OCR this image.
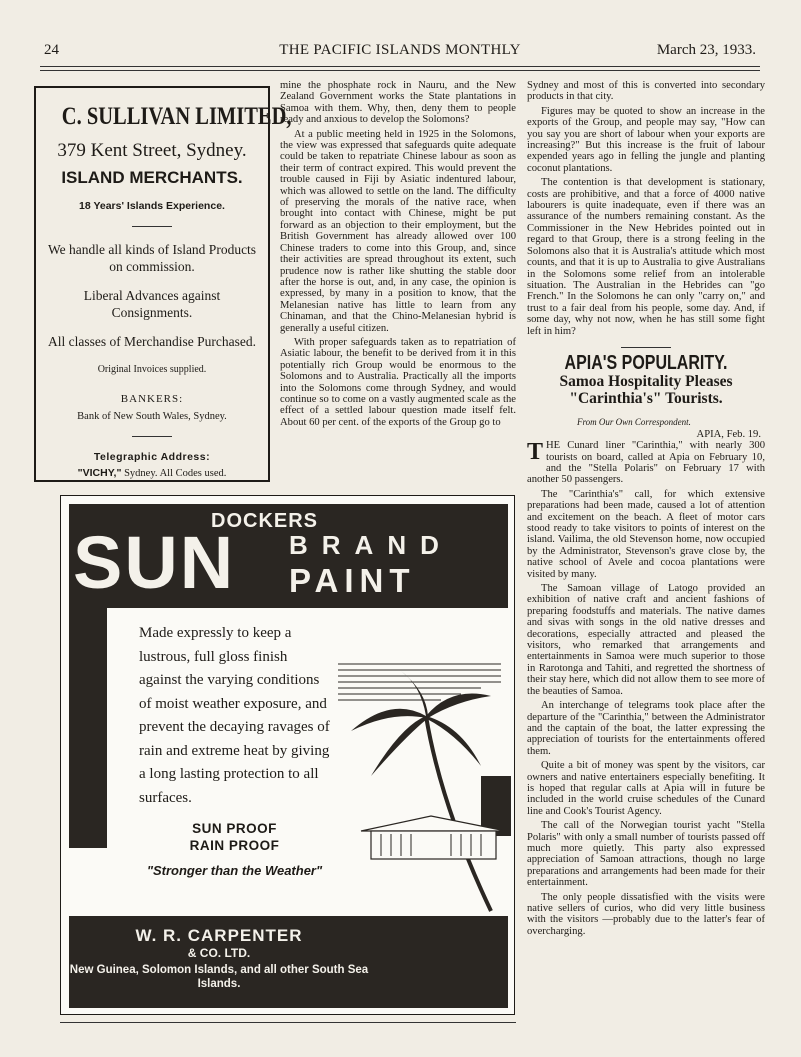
24	THE PACIFIC ISLANDS MONTHLY	March 23, 1933.
C. SULLIVAN LIMITED,
379 Kent Street, Sydney.
ISLAND MERCHANTS.
18 Years' Islands Experience.
We handle all kinds of Island Products on commission.
Liberal Advances against Consignments.
All classes of Merchandise Purchased.
Original Invoices supplied.
BANKERS:
Bank of New South Wales, Sydney.
Telegraphic Address:
"VICHY," Sydney. All Codes used.

mine the phosphate rock in Nauru, and the New Zealand Government works the State plantations in Samoa with them. Why, then, deny them to people ready and anxious to develop the Solomons?

At a public meeting held in 1925 in the Solomons, the view was expressed that safeguards quite adequate could be taken to repatriate Chinese labour as soon as their term of contract expired. This would prevent the trouble caused in Fiji by Asiatic indentured labour, which was allowed to settle on the land. The difficulty of preserving the morals of the native race, when brought into contact with Chinese, might be put forward as an objection to their employment, but the British Government has already allowed over 100 Chinese traders to come into this Group, and, since their activities are spread throughout its extent, such prudence now is rather like shutting the stable door after the horse is out, and, in any case, the opinion is expressed, by many in a position to know, that the Melanesian native has little to learn from any Chinaman, and that the Chino-Melanesian hybrid is generally a useful citizen.

With proper safeguards taken as to repatriation of Asiatic labour, the benefit to be derived from it in this potentially rich Group would be enormous to the Solomons and to Australia. Practically all the imports into the Solomons come through Sydney, and would continue so to come on a vastly augmented scale as the effect of a settled labour question made itself felt. About 60 per cent. of the exports of the Group go to

Sydney and most of this is converted into secondary products in that city.

Figures may be quoted to show an increase in the exports of the Group, and people may say, "How can you say you are short of labour when your exports are increasing?" But this increase is the fruit of labour expended years ago in felling the jungle and planting coconut plantations.

The contention is that development is stationary, costs are prohibitive, and that a force of 4000 native labourers is quite inadequate, even if there was an assurance of the numbers remaining constant. As the Commissioner in the New Hebrides pointed out in regard to that Group, there is a strong feeling in the Solomons also that it is Australia's attitude which most counts, and that it is up to Australia to give Australians in the Solomons some relief from an intolerable situation. The Australian in the Hebrides can "go French." In the Solomons he can only "carry on," and trust to a fair deal from his people, some day. And, if some day, why not now, when he has still some fight left in him?

APIA'S POPULARITY.
Samoa Hospitality Pleases "Carinthia's" Tourists.
From Our Own Correspondent.
APIA, Feb. 19.

THE Cunard liner "Carinthia," with nearly 300 tourists on board, called at Apia on February 10, and the "Stella Polaris" on February 17 with another 50 passengers.

The "Carinthia's" call, for which extensive preparations had been made, caused a lot of attention and excitement on the beach. A fleet of motor cars stood ready to take visitors to points of interest on the island. Vailima, the old Stevenson home, now occupied by the Administrator, Stevenson's grave close by, the native school of Avele and cocoa plantations were visited by many.

The Samoan village of Latogo provided an exhibition of native craft and ancient fashions of preparing foodstuffs and materials. The native dames and sivas with songs in the old native dresses and decorations, especially attracted and pleased the visitors, who remarked that arrangements and entertainments in Samoa were much superior to those in Rarotonga and Tahiti, and regretted the shortness of their stay here, which did not allow them to see more of the beauties of Samoa.

An interchange of telegrams took place after the departure of the "Carinthia," between the Administrator and the captain of the boat, the latter expressing the appreciation of tourists for the entertainments offered them.

Quite a bit of money was spent by the visitors, car owners and native entertainers especially benefiting. It is hoped that regular calls at Apia will in future be included in the world cruise schedules of the Cunard line and Cook's Tourist Agency.

The call of the Norwegian tourist yacht "Stella Polaris" with only a small number of tourists passed off much more quietly. This party also expressed appreciation of Samoan attractions, though no large preparations and arrangements had been made for their entertainment.

The only people dissatisfied with the visits were native sellers of curios, who did very little business with the visitors —probably due to the latter's fear of overcharging.

DOCKERS
SUN BRAND
PAINT
Made expressly to keep a lustrous, full gloss finish against the varying conditions of moist weather exposure, and prevent the decaying ravages of rain and extreme heat by giving a long lasting protection to all surfaces.
SUN PROOF
RAIN PROOF
"Stronger than the Weather"
W. R. CARPENTER
& CO. LTD.
New Guinea, Solomon Islands, and all other South Sea Islands.
